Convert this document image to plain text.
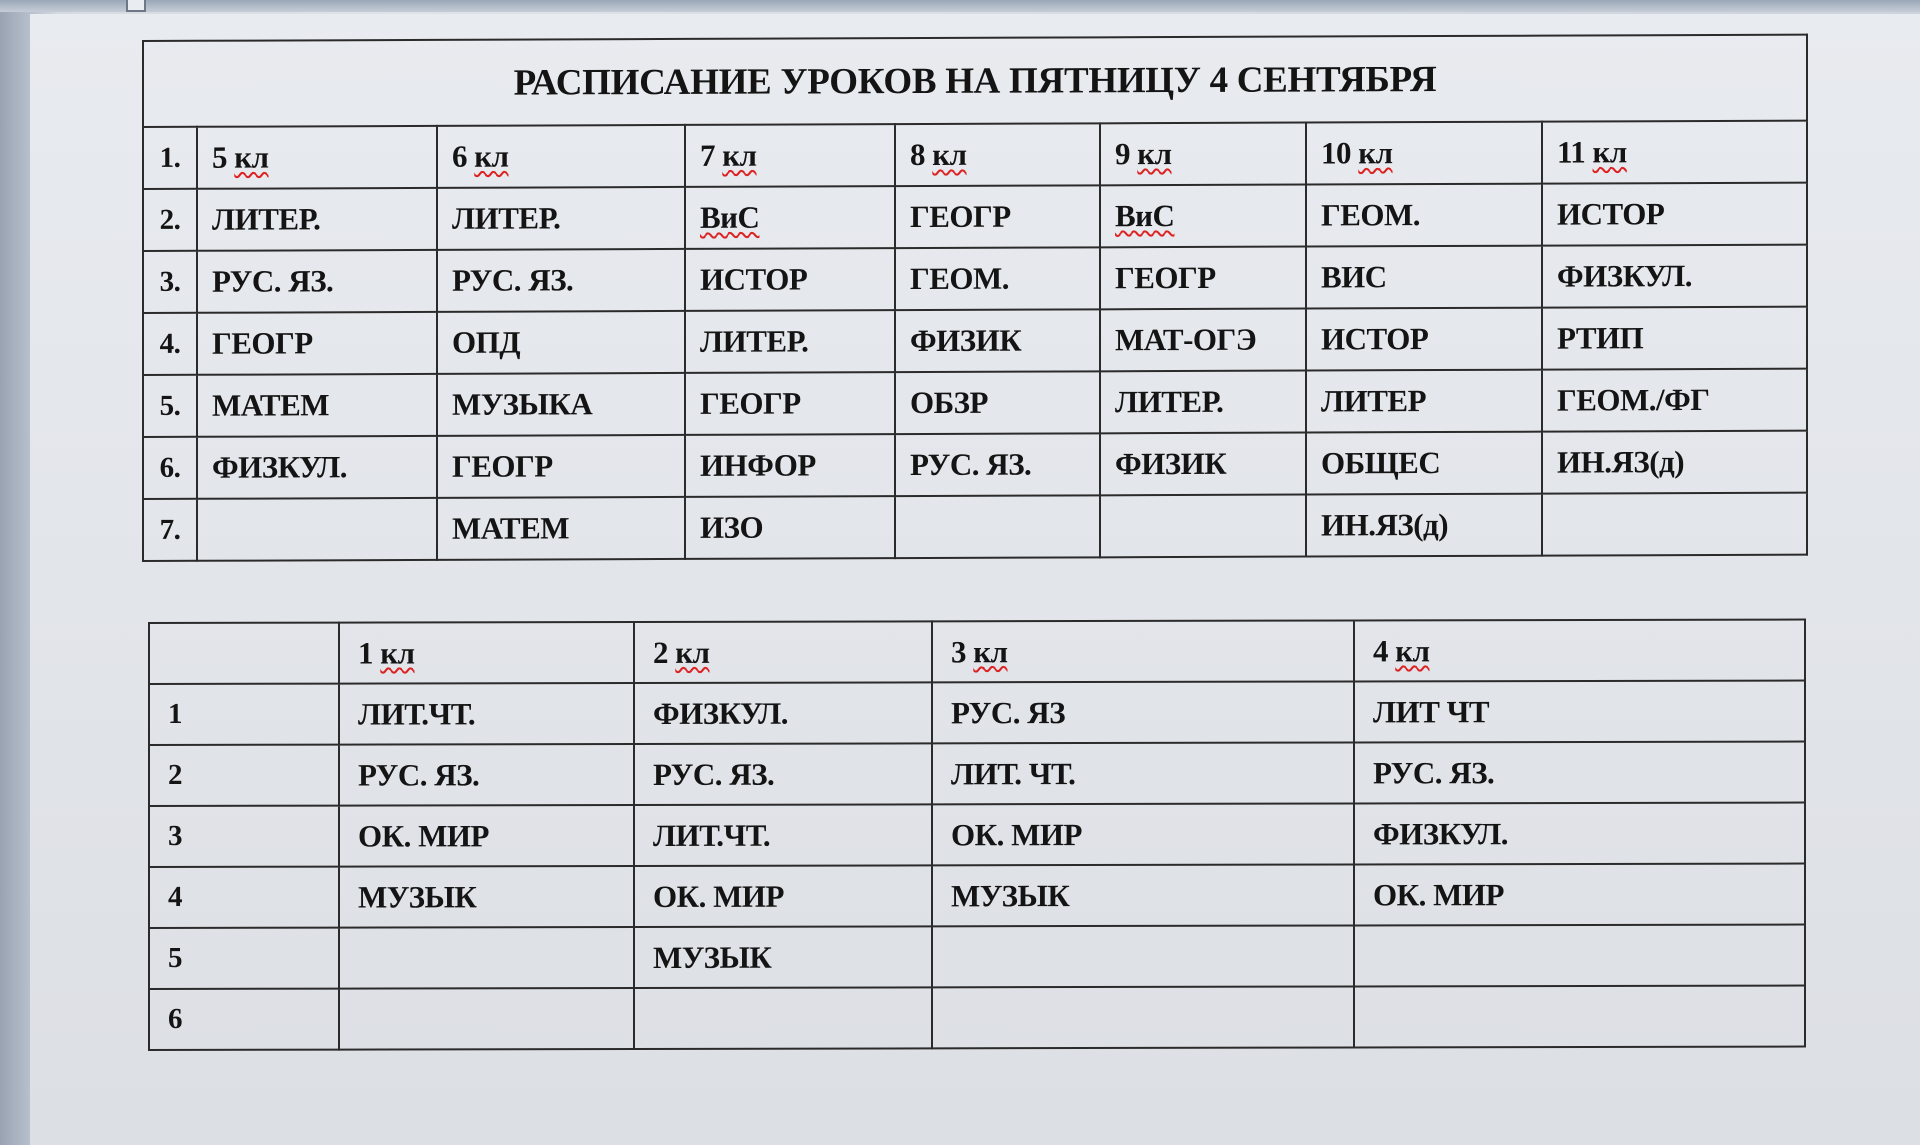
РАСПИСАНИЕ УРОКОВ НА ПЯТНИЦУ 4 СЕНТЯБРЯ							
1.	5 кл	6 кл	7 кл	8 кл	9 кл	10 кл	11 кл
2.	ЛИТЕР.	ЛИТЕР.	ВиС	ГЕОГР	ВиС	ГЕОМ.	ИСТОР
3.	РУС. ЯЗ.	РУС. ЯЗ.	ИСТОР	ГЕОМ.	ГЕОГР	ВИС	ФИЗКУЛ.
4.	ГЕОГР	ОПД	ЛИТЕР.	ФИЗИК	МАТ-ОГЭ	ИСТОР	РТИП
5.	МАТЕМ	МУЗЫКА	ГЕОГР	ОБЗР	ЛИТЕР.	ЛИТЕР	ГЕОМ./ФГ
6.	ФИЗКУЛ.	ГЕОГР	ИНФОР	РУС. ЯЗ.	ФИЗИК	ОБЩЕС	ИН.ЯЗ(д)
7.		МАТЕМ	ИЗО			ИН.ЯЗ(д)	
	1 кл	2 кл	3 кл	4 кл
1	ЛИТ.ЧТ.	ФИЗКУЛ.	РУС. ЯЗ	ЛИТ ЧТ
2	РУС. ЯЗ.	РУС. ЯЗ.	ЛИТ. ЧТ.	РУС. ЯЗ.
3	ОК. МИР	ЛИТ.ЧТ.	ОК. МИР	ФИЗКУЛ.
4	МУЗЫК	ОК. МИР	МУЗЫК	ОК. МИР
5		МУЗЫК		
6				
